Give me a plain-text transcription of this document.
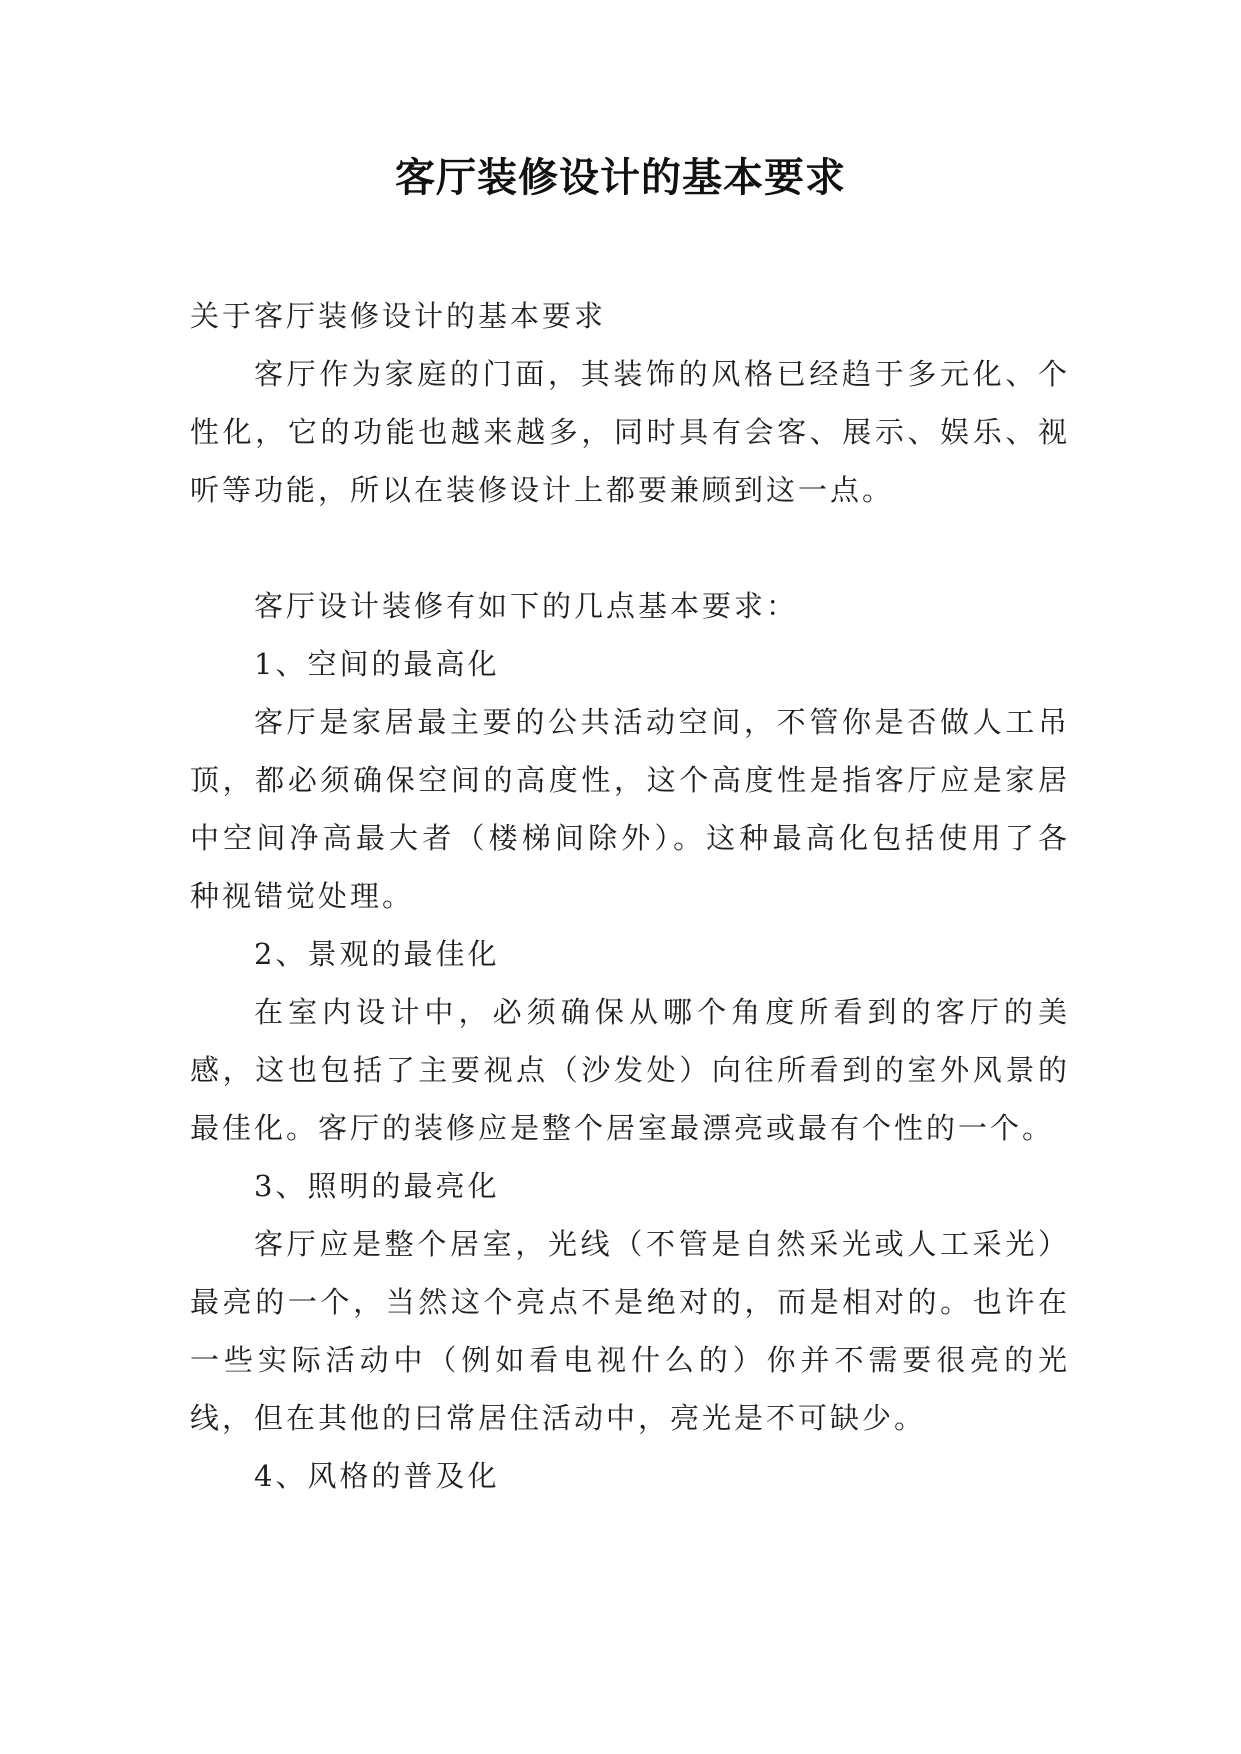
客厅装修设计的基本要求

关于客厅装修设计的基本要求

客厅作为家庭的门面，其装饰的风格已经趋于多元化、个性化，它的功能也越来越多，同时具有会客、展示、娱乐、视听等功能，所以在装修设计上都要兼顾到这一点。

客厅设计装修有如下的几点基本要求：

1、空间的最高化

客厅是家居最主要的公共活动空间，不管你是否做人工吊顶，都必须确保空间的高度性，这个高度性是指客厅应是家居中空间净高最大者（楼梯间除外）。这种最高化包括使用了各种视错觉处理。

2、景观的最佳化

在室内设计中，必须确保从哪个角度所看到的客厅的美感，这也包括了主要视点（沙发处）向往所看到的室外风景的最佳化。客厅的装修应是整个居室最漂亮或最有个性的一个。

3、照明的最亮化

客厅应是整个居室，光线（不管是自然采光或人工采光）最亮的一个，当然这个亮点不是绝对的，而是相对的。也许在一些实际活动中（例如看电视什么的）你并不需要很亮的光线，但在其他的曰常居住活动中，亮光是不可缺少。

4、风格的普及化
